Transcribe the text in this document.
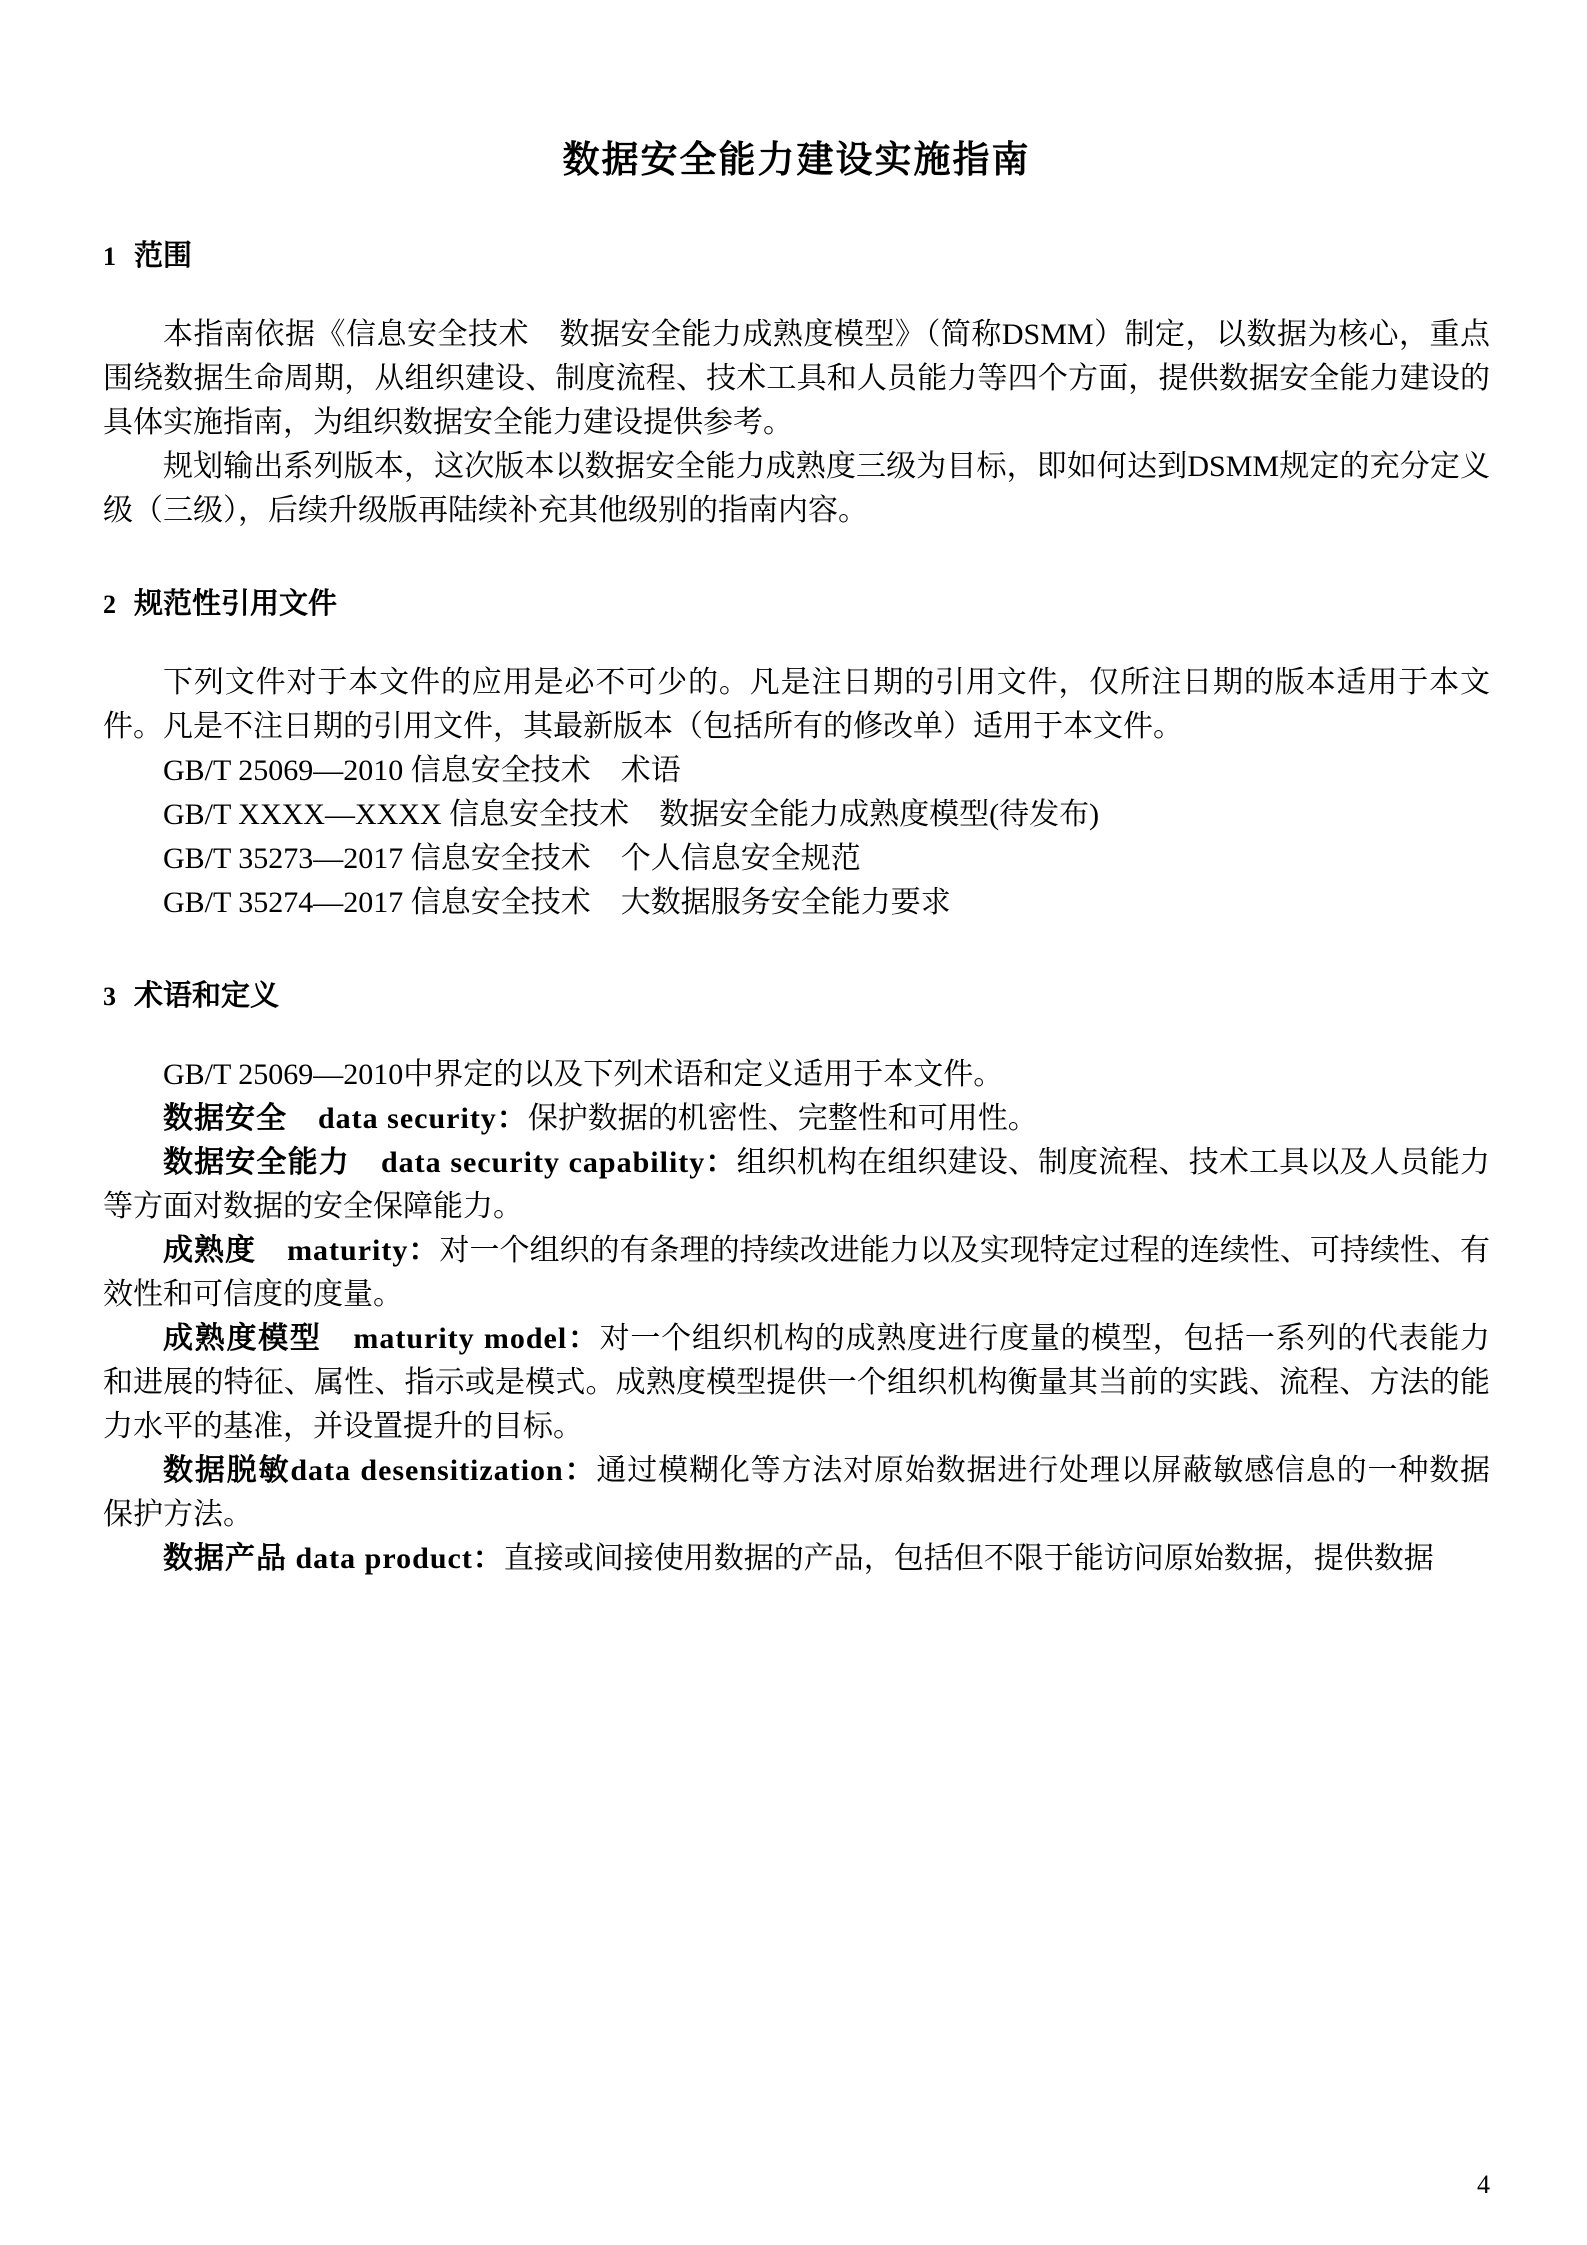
数据安全能力建设实施指南
1 范围

本指南依据《信息安全技术　数据安全能力成熟度模型》（简称DSMM）制定，以数据为核心，重点围绕数据生命周期，从组织建设、制度流程、技术工具和人员能力等四个方面，提供数据安全能力建设的具体实施指南，为组织数据安全能力建设提供参考。

规划输出系列版本，这次版本以数据安全能力成熟度三级为目标，即如何达到DSMM规定的充分定义级（三级），后续升级版再陆续补充其他级别的指南内容。

2 规范性引用文件

下列文件对于本文件的应用是必不可少的。凡是注日期的引用文件，仅所注日期的版本适用于本文件。凡是不注日期的引用文件，其最新版本（包括所有的修改单）适用于本文件。

GB/T 25069—2010 信息安全技术　术语

GB/T XXXX—XXXX 信息安全技术　数据安全能力成熟度模型(待发布)

GB/T 35273—2017 信息安全技术　个人信息安全规范

GB/T 35274—2017 信息安全技术　大数据服务安全能力要求

3 术语和定义

GB/T 25069—2010中界定的以及下列术语和定义适用于本文件。

数据安全　data security：保护数据的机密性、完整性和可用性。

数据安全能力　data security capability：组织机构在组织建设、制度流程、技术工具以及人员能力等方面对数据的安全保障能力。

成熟度　maturity：对一个组织的有条理的持续改进能力以及实现特定过程的连续性、可持续性、有效性和可信度的度量。

成熟度模型　maturity model：对一个组织机构的成熟度进行度量的模型，包括一系列的代表能力和进展的特征、属性、指示或是模式。成熟度模型提供一个组织机构衡量其当前的实践、流程、方法的能力水平的基准，并设置提升的目标。

数据脱敏data desensitization：通过模糊化等方法对原始数据进行处理以屏蔽敏感信息的一种数据保护方法。

数据产品 data product：直接或间接使用数据的产品，包括但不限于能访问原始数据，提供数据

4
